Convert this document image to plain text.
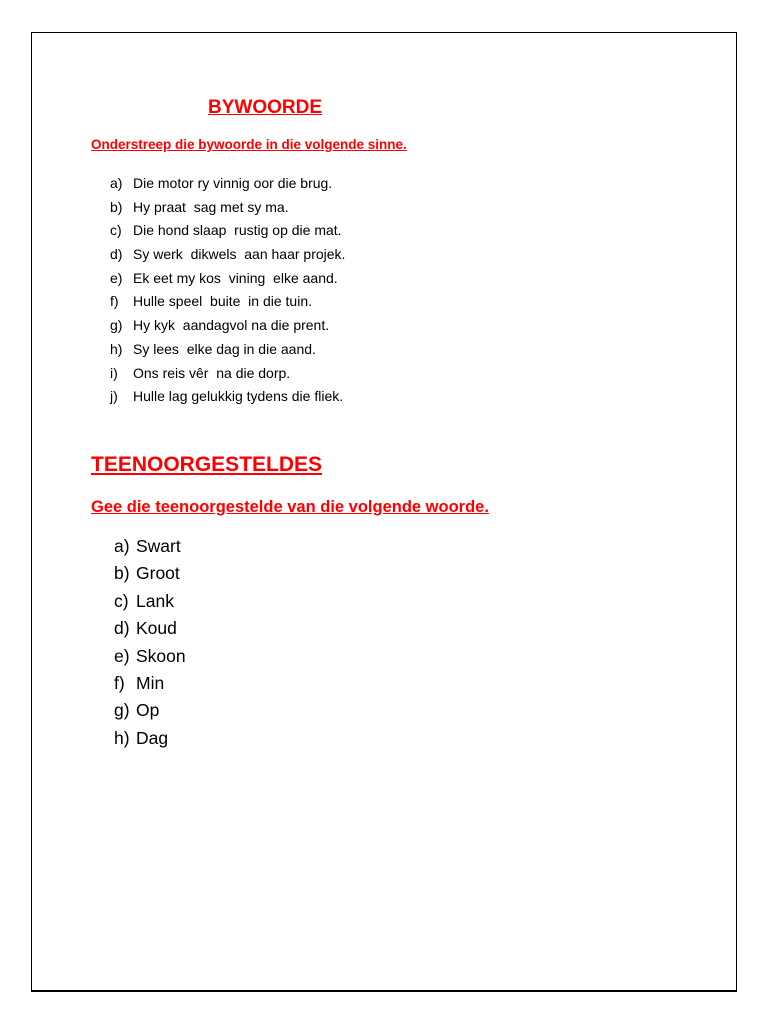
BYWOORDE

Onderstreep die bywoorde in die volgende sinne.

a) Die motor ry vinnig oor die brug.
b) Hy praat  sag met sy ma.
c) Die hond slaap  rustig op die mat.
d) Sy werk  dikwels  aan haar projek.
e) Ek eet my kos  vining  elke aand.
f) Hulle speel  buite  in die tuin.
g) Hy kyk  aandagvol na die prent.
h) Sy lees  elke dag in die aand.
i) Ons reis vêr  na die dorp.
j) Hulle lag gelukkig tydens die fliek.
TEENOORGESTELDES

Gee die teenoorgestelde van die volgende woorde.

a) Swart
b) Groot
c) Lank
d) Koud
e) Skoon
f) Min
g) Op
h) Dag
